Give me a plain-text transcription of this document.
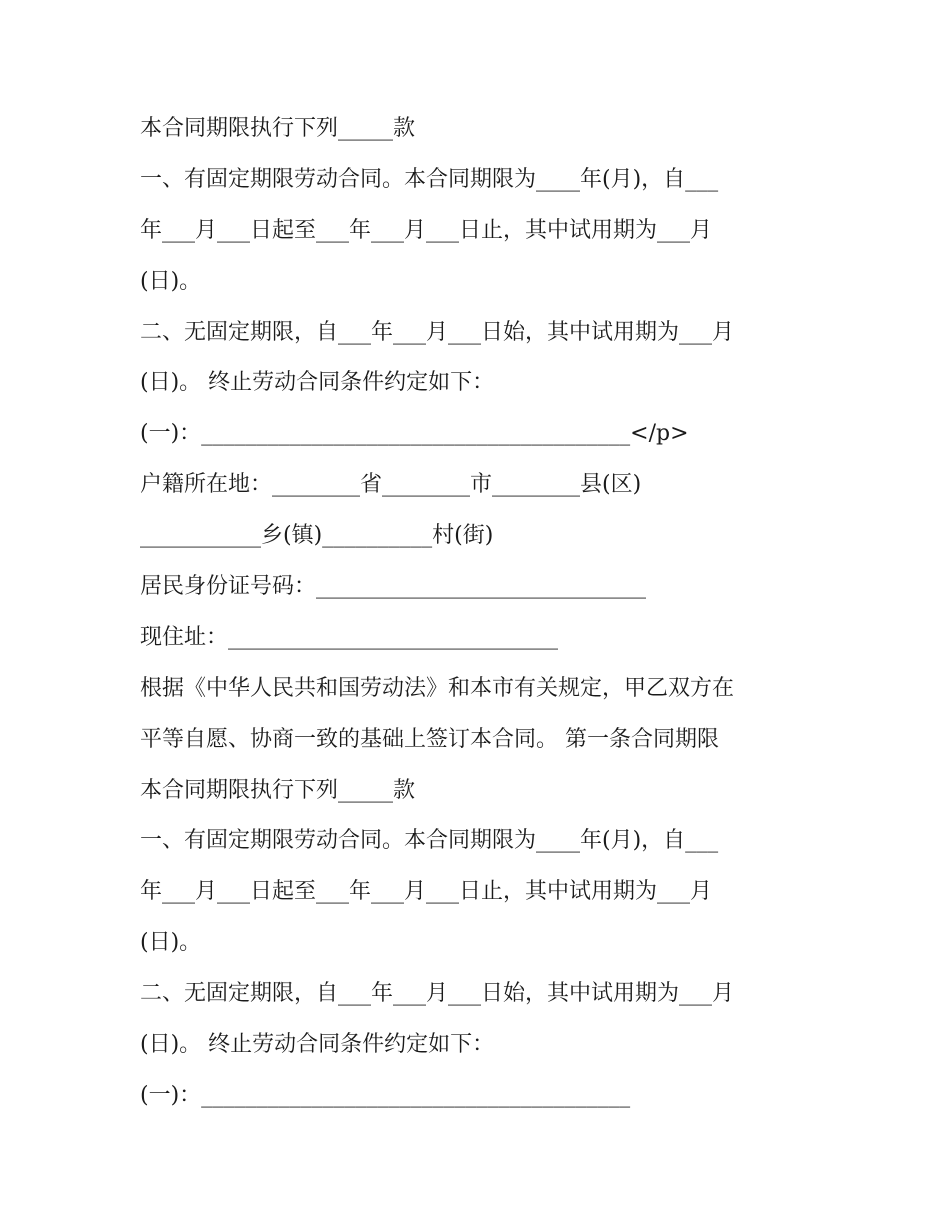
本合同期限执行下列_____款
一、有固定期限劳动合同。本合同期限为____年(月)，自___
年___月___日起至___年___月___日止，其中试用期为___月
(日)。
二、无固定期限，自___年___月___日始，其中试用期为___月
(日)。 终止劳动合同条件约定如下：
(一)：_______________________________________</p>
户籍所在地：________省________市________县(区)
___________乡(镇)__________村(街)
居民身份证号码：______________________________
现住址：______________________________
根据《中华人民共和国劳动法》和本市有关规定，甲乙双方在
平等自愿、协商一致的基础上签订本合同。 第一条合同期限
本合同期限执行下列_____款
一、有固定期限劳动合同。本合同期限为____年(月)，自___
年___月___日起至___年___月___日止，其中试用期为___月
(日)。
二、无固定期限，自___年___月___日始，其中试用期为___月
(日)。 终止劳动合同条件约定如下：
(一)：_______________________________________
